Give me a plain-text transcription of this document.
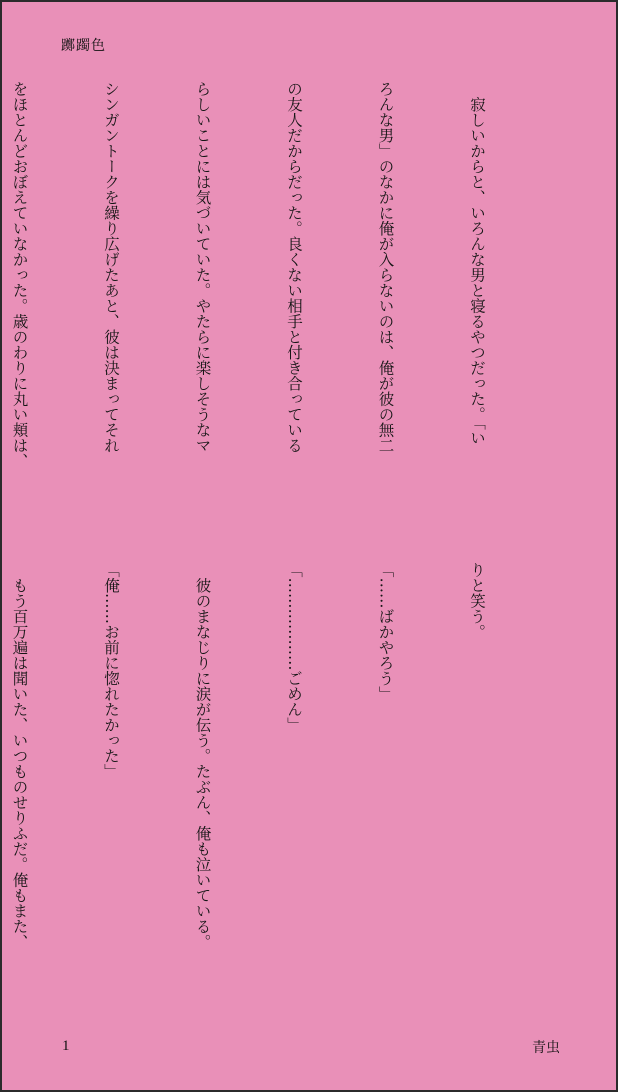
躑躅色

　寂しいからと、いろんな男と寝るやつだった。「い

ろんな男」のなかに俺が入らないのは、俺が彼の無二

の友人だからだった。良くない相手と付き合っている

らしいことには気づいていた。やたらに楽しそうなマ

シンガントークを繰り広げたあと、彼は決まってそれ

をほとんどおぼえていなかった。歳のわりに丸い頬は、

りと笑う。

「……ばかやろう」

「………………ごめん」

　彼のまなじりに涙が伝う。たぶん、俺も泣いている。

「俺……お前に惚れたかった」

　もう百万遍は聞いた、いつものせりふだ。俺もまた、

1	青虫
